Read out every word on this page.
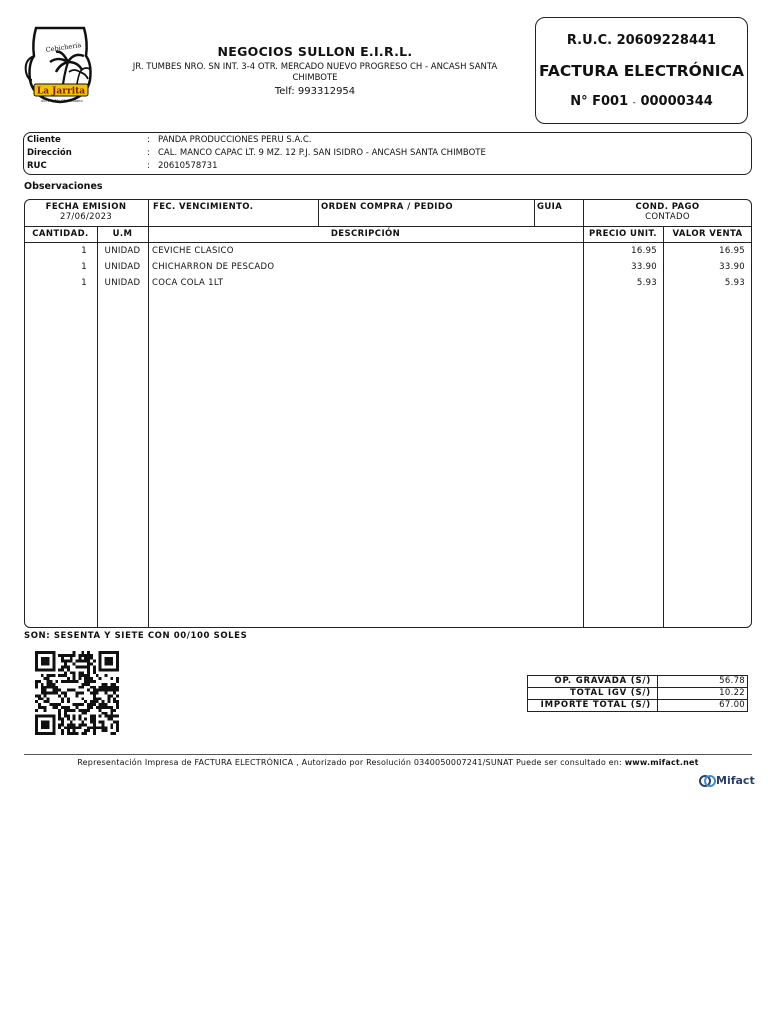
La Jarrita
Cebichería
del Pueblo Chimbotano
NEGOCIOS SULLON E.I.R.L.
JR. TUMBES NRO. SN INT. 3-4 OTR. MERCADO NUEVO PROGRESO CH - ANCASH SANTA
CHIMBOTE
Telf: 993312954
R.U.C. 20609228441
FACTURA ELECTRÓNICA
N° F001 - 00000344
Cliente	: PANDA PRODUCCIONES PERU S.A.C.
Dirección	: CAL. MANCO CAPAC LT. 9 MZ. 12 P.J. SAN ISIDRO - ANCASH SANTA CHIMBOTE
RUC	: 20610578731
Observaciones
FECHA EMISION
27/06/2023
FEC. VENCIMIENTO.	ORDEN COMPRA / PEDIDO	GUIA	COND. PAGO
CONTADO
CANTIDAD.	U.M	DESCRIPCIÓN	PRECIO UNIT.	VALOR VENTA
1	UNIDAD	CEVICHE CLASICO	16.95	16.95
1	UNIDAD	CHICHARRON DE PESCADO	33.90	33.90
1	UNIDAD	COCA COLA 1LT	5.93	5.93
SON: SESENTA Y SIETE CON 00/100 SOLES
OP. GRAVADA (S/)	56.78
TOTAL IGV (S/)	10.22
IMPORTE TOTAL (S/)	67.00
Representación Impresa de FACTURA ELECTRÓNICA , Autorizado por Resolución 0340050007241/SUNAT Puede ser consultado en: www.mifact.net
Mifact
